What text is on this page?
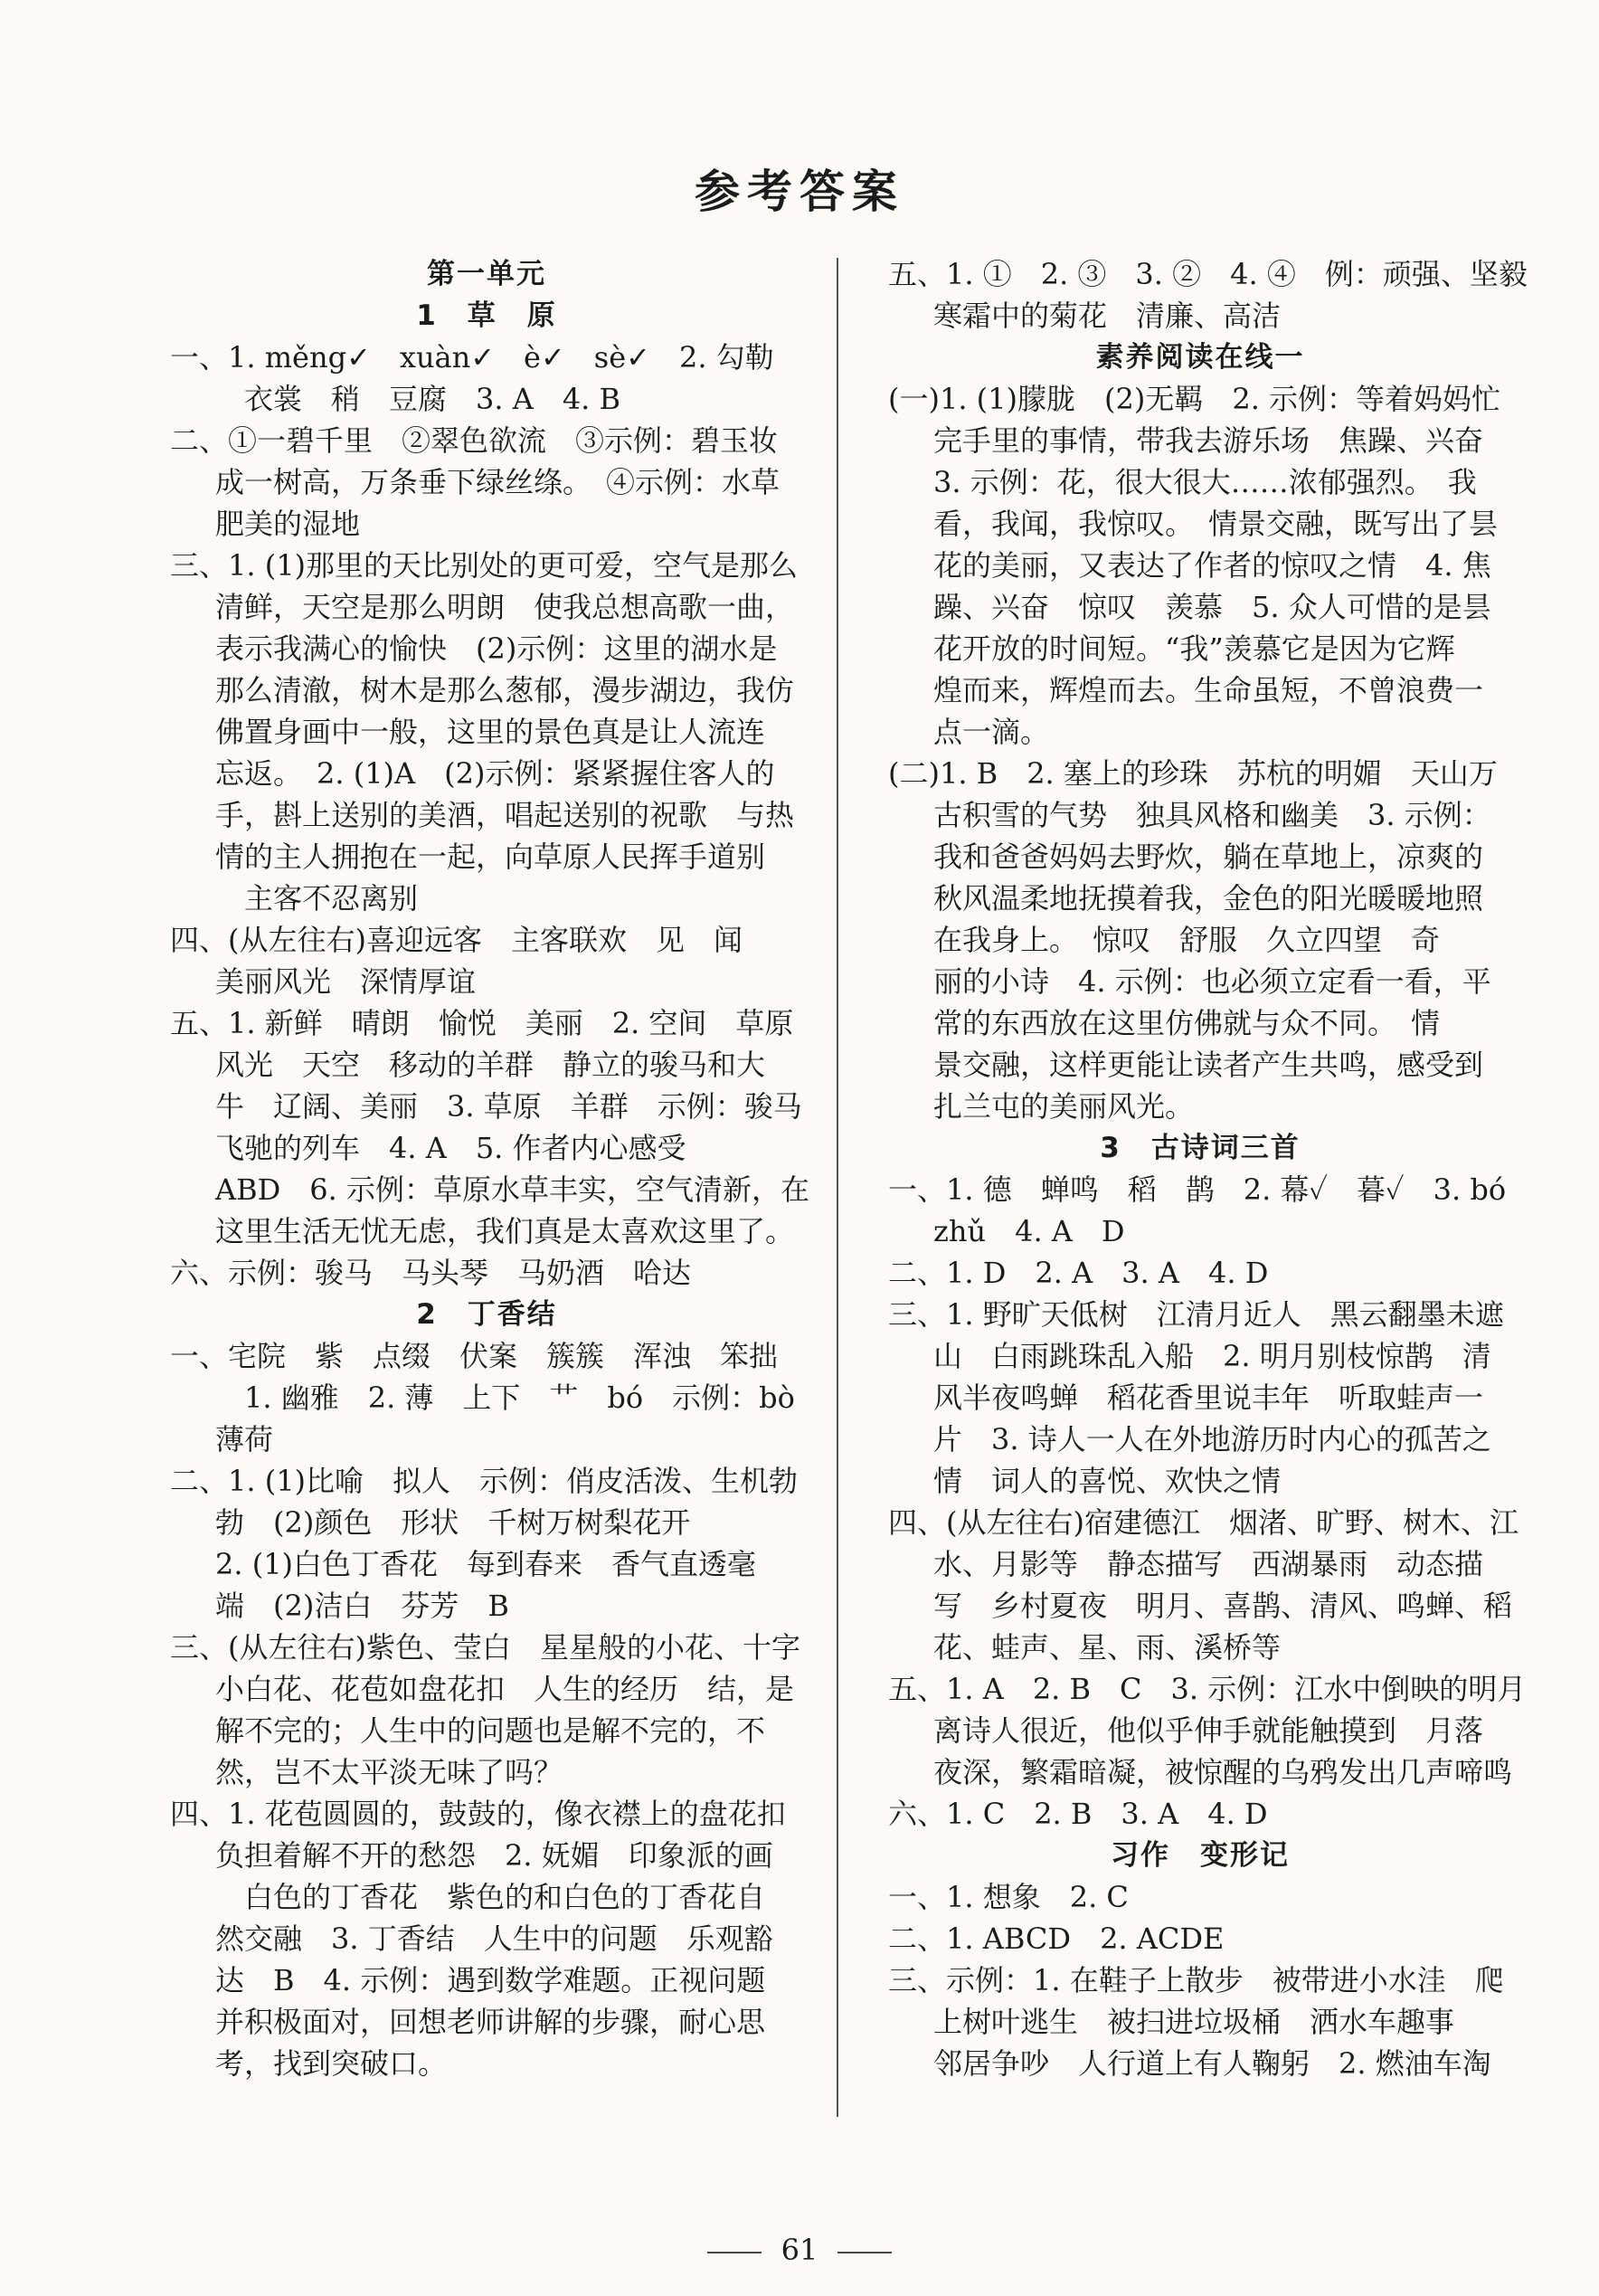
参考答案
第一单元
1　草　原
一、1. měng✓　xuàn✓　è✓　sè✓　2. 勾勒
　衣裳　稍　豆腐　3. A　4. B
二、①一碧千里　②翠色欲流　③示例：碧玉妆
成一树高，万条垂下绿丝绦。　④示例：水草
肥美的湿地
三、1. (1)那里的天比别处的更可爱，空气是那么
清鲜，天空是那么明朗　使我总想高歌一曲，
表示我满心的愉快　(2)示例：这里的湖水是
那么清澈，树木是那么葱郁，漫步湖边，我仿
佛置身画中一般，这里的景色真是让人流连
忘返。　2. (1)A　(2)示例：紧紧握住客人的
手，斟上送别的美酒，唱起送别的祝歌　与热
情的主人拥抱在一起，向草原人民挥手道别
　主客不忍离别
四、(从左往右)喜迎远客　主客联欢　见　闻
美丽风光　深情厚谊
五、1. 新鲜　晴朗　愉悦　美丽　2. 空间　草原
风光　天空　移动的羊群　静立的骏马和大
牛　辽阔、美丽　3. 草原　羊群　示例：骏马
飞驰的列车　4. A　5. 作者内心感受
ABD　6. 示例：草原水草丰实，空气清新，在
这里生活无忧无虑，我们真是太喜欢这里了。
六、示例：骏马　马头琴　马奶酒　哈达
2　丁香结
一、宅院　紫　点缀　伏案　簇簇　浑浊　笨拙
　1. 幽雅　2. 薄　上下　艹　bó　示例：bò
薄荷
二、1. (1)比喻　拟人　示例：俏皮活泼、生机勃
勃　(2)颜色　形状　千树万树梨花开
2. (1)白色丁香花　每到春来　香气直透毫
端　(2)洁白　芬芳　B
三、(从左往右)紫色、莹白　星星般的小花、十字
小白花、花苞如盘花扣　人生的经历　结，是
解不完的；人生中的问题也是解不完的，不
然，岂不太平淡无味了吗？
四、1. 花苞圆圆的，鼓鼓的，像衣襟上的盘花扣
负担着解不开的愁怨　2. 妩媚　印象派的画
　白色的丁香花　紫色的和白色的丁香花自
然交融　3. 丁香结　人生中的问题　乐观豁
达　B　4. 示例：遇到数学难题。正视问题
并积极面对，回想老师讲解的步骤，耐心思
考，找到突破口。
五、1. ①　2. ③　3. ②　4. ④　例：顽强、坚毅
寒霜中的菊花　清廉、高洁
素养阅读在线一
(一)1. (1)朦胧　(2)无羁　2. 示例：等着妈妈忙
完手里的事情，带我去游乐场　焦躁、兴奋
3. 示例：花，很大很大……浓郁强烈。　我
看，我闻，我惊叹。　情景交融，既写出了昙
花的美丽，又表达了作者的惊叹之情　4. 焦
躁、兴奋　惊叹　羡慕　5. 众人可惜的是昙
花开放的时间短。“我”羡慕它是因为它辉
煌而来，辉煌而去。生命虽短，不曾浪费一
点一滴。
(二)1. B　2. 塞上的珍珠　苏杭的明媚　天山万
古积雪的气势　独具风格和幽美　3. 示例：
我和爸爸妈妈去野炊，躺在草地上，凉爽的
秋风温柔地抚摸着我，金色的阳光暖暖地照
在我身上。　惊叹　舒服　久立四望　奇
丽的小诗　4. 示例：也必须立定看一看，平
常的东西放在这里仿佛就与众不同。　情
景交融，这样更能让读者产生共鸣，感受到
扎兰屯的美丽风光。
3　古诗词三首
一、1. 德　蝉鸣　稻　鹊　2. 幕✓　暮✓　3. bó
zhǔ　4. A　D
二、1. D　2. A　3. A　4. D
三、1. 野旷天低树　江清月近人　黑云翻墨未遮
山　白雨跳珠乱入船　2. 明月别枝惊鹊　清
风半夜鸣蝉　稻花香里说丰年　听取蛙声一
片　3. 诗人一人在外地游历时内心的孤苦之
情　词人的喜悦、欢快之情
四、(从左往右)宿建德江　烟渚、旷野、树木、江
水、月影等　静态描写　西湖暴雨　动态描
写　乡村夏夜　明月、喜鹊、清风、鸣蝉、稻
花、蛙声、星、雨、溪桥等
五、1. A　2. B　C　3. 示例：江水中倒映的明月
离诗人很近，他似乎伸手就能触摸到　月落
夜深，繁霜暗凝，被惊醒的乌鸦发出几声啼鸣
六、1. C　2. B　3. A　4. D
习作　变形记
一、1. 想象　2. C
二、1. ABCD　2. ACDE
三、示例：1. 在鞋子上散步　被带进小水洼　爬
上树叶逃生　被扫进垃圾桶　洒水车趣事
邻居争吵　人行道上有人鞠躬　2. 燃油车淘
61
